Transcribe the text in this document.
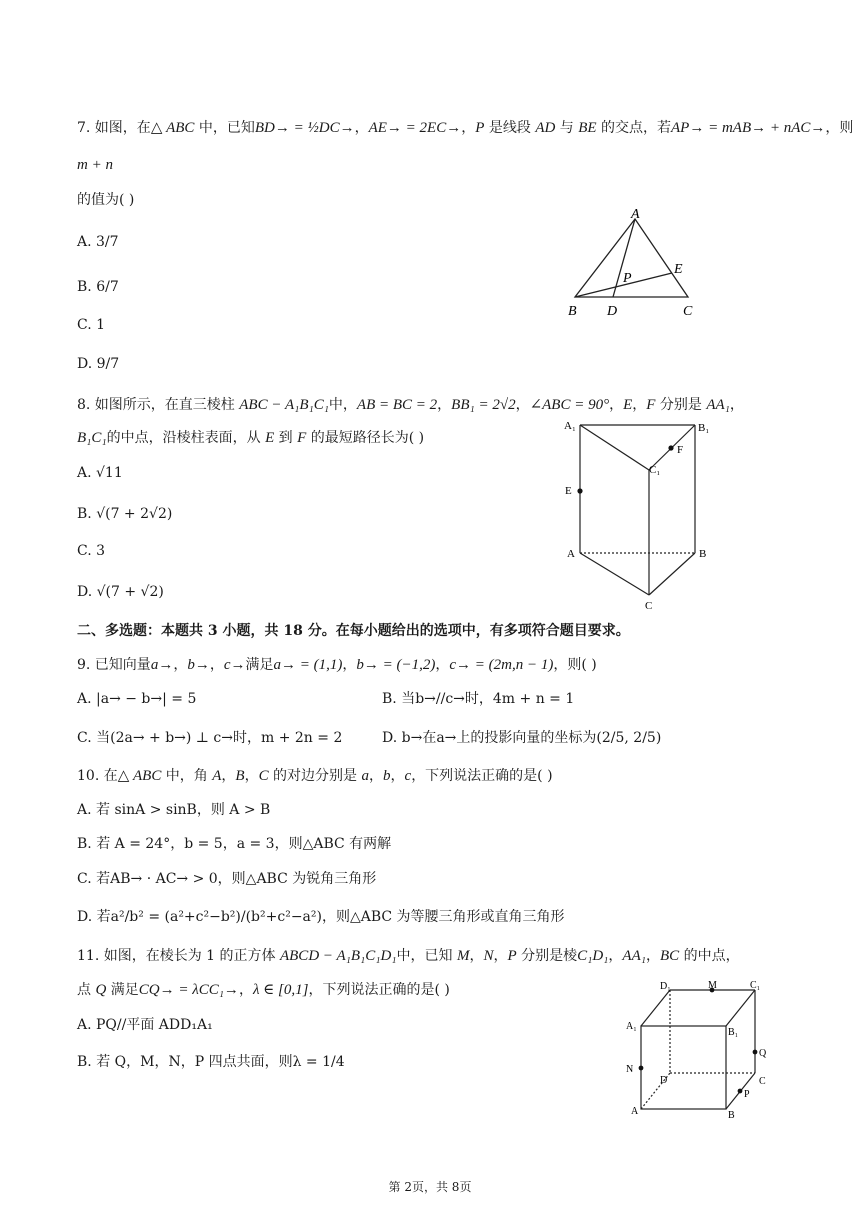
7. 如图，在△ ABC 中，已知BD→ = ½DC→，AE→ = 2EC→，P 是线段 AD 与 BE 的交点，若AP→ = mAB→ + nAC→，则
m + n
的值为( )
A. 3/7
B. 6/7
C. 1
D. 9/7
A
B	C
D
E
P
8. 如图所示，在直三棱柱 ABC − A₁B₁C₁中，AB = BC = 2，BB₁ = 2√2，∠ABC = 90°，E，F 分别是 AA₁，
B₁C₁的中点，沿棱柱表面，从 E 到 F 的最短路径长为( )
A. √11
B. √(7 + 2√2)
C. 3
D. √(7 + √2)
A₁	B₁
C₁
F
E
A	B
C
二、多选题：本题共 3 小题，共 18 分。在每小题给出的选项中，有多项符合题目要求。
9. 已知向量a→，b→，c→满足a→ = (1,1)，b→ = (−1,2)，c→ = (2m,n − 1)，则( )
A. |a→ − b→| = 5	B. 当b→//c→时，4m + n = 1
C. 当(2a→ + b→) ⊥ c→时，m + 2n = 2	D. b→在a→上的投影向量的坐标为(2/5, 2/5)
10. 在△ ABC 中，角 A，B，C 的对边分别是 a，b，c，下列说法正确的是( )
A. 若 sinA > sinB，则 A > B
B. 若 A = 24°，b = 5，a = 3，则△ABC 有两解
C. 若AB→ · AC→ > 0，则△ABC 为锐角三角形
D. 若a²/b² = (a²+c²−b²)/(b²+c²−a²)，则△ABC 为等腰三角形或直角三角形
11. 如图，在棱长为 1 的正方体 ABCD − A₁B₁C₁D₁中，已知 M，N，P 分别是棱C₁D₁，AA₁，BC 的中点，
点 Q 满足CQ→ = λCC₁→，λ ∈ [0,1]，下列说法正确的是( )
A. PQ//平面 ADD₁A₁
B. 若 Q，M，N，P 四点共面，则λ = 1/4
D₁	M	C₁
A₁
B₁
Q
N
D	C
A	B
P
第 2页，共 8页
